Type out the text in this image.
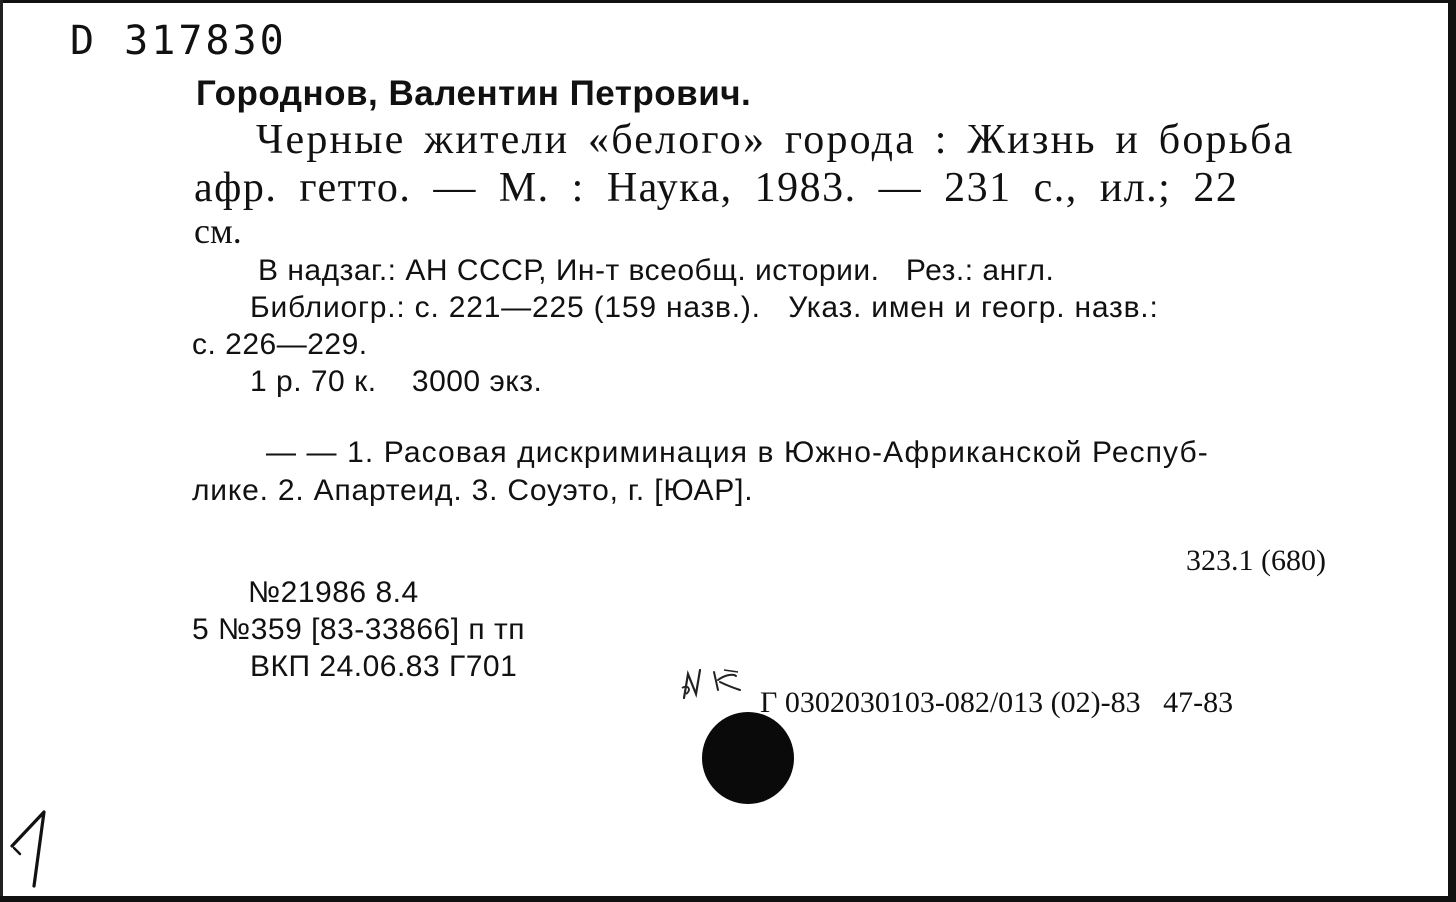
D 317830
Городнов, Валентин Петрович.
Черные жители «белого» города : Жизнь и борьба
афр. гетто. — М. : Наука, 1983. — 231 с., ил.; 22
см.
В надзаг.: АН СССР, Ин-т всеобщ. истории.   Рез.: англ.
Библиогр.: с. 221—225 (159 назв.).   Указ. имен и геогр. назв.:
с. 226—229.
1 р. 70 к.    3000 экз.
— — 1. Расовая дискриминация в Южно-Африканской Респуб-
лике. 2. Апартеид. 3. Соуэто, г. [ЮАР].
323.1 (680)
№21986 8.4
5 №359 [83-33866] п тп
ВКП 24.06.83 Г701
Г 0302030103-082/013 (02)-83   47-83
